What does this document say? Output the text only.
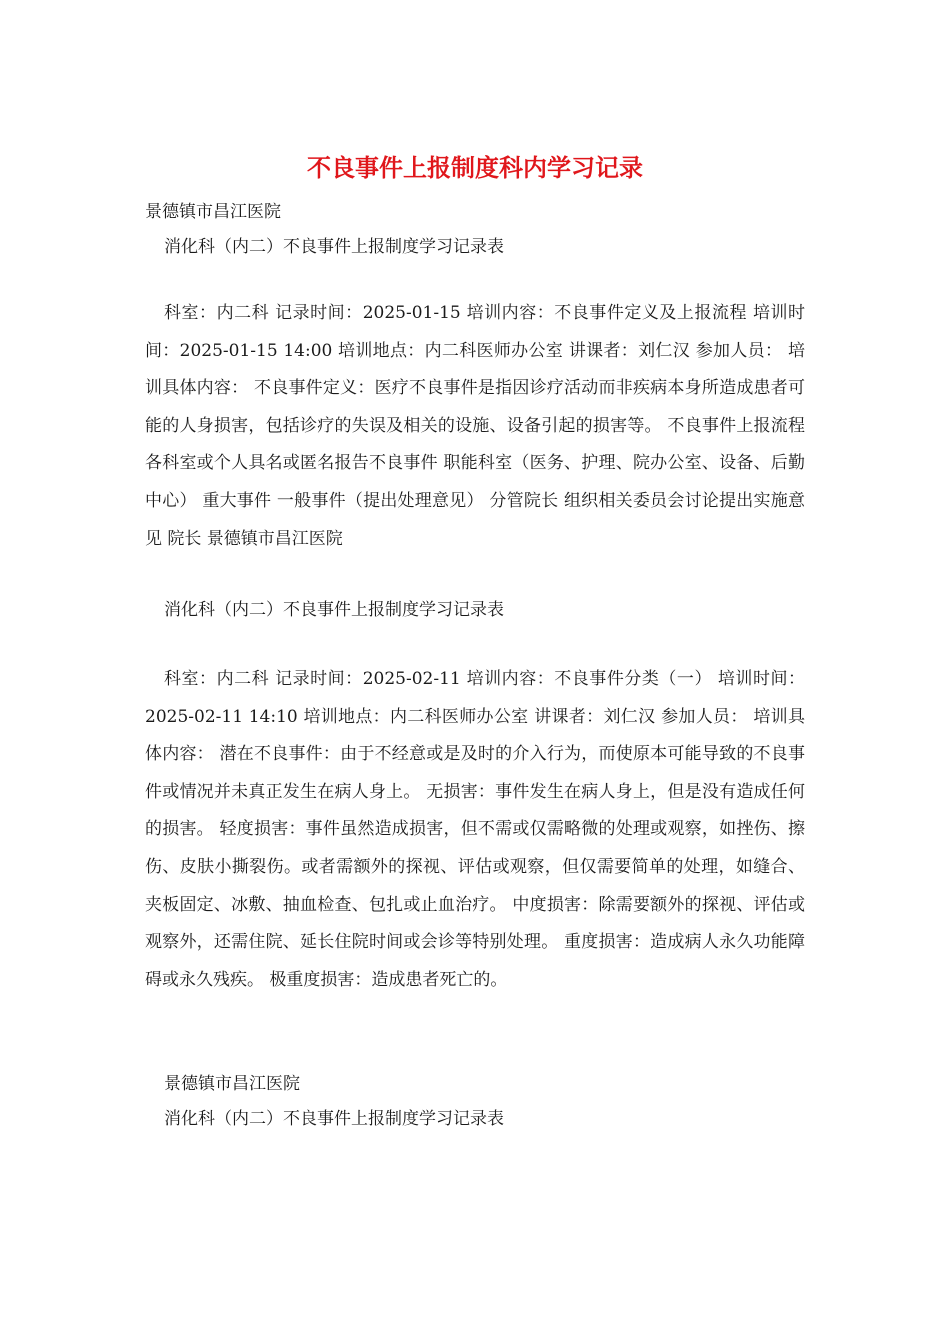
不良事件上报制度科内学习记录
景德镇市昌江医院
消化科（内二）不良事件上报制度学习记录表

科室：内二科 记录时间：2025-01-15 培训内容：不良事件定义及上报流程 培训时间：2025-01-15 14:00 培训地点：内二科医师办公室 讲课者：刘仁汉 参加人员： 培训具体内容： 不良事件定义：医疗不良事件是指因诊疗活动而非疾病本身所造成患者可能的人身损害，包括诊疗的失误及相关的设施、设备引起的损害等。 不良事件上报流程 各科室或个人具名或匿名报告不良事件 职能科室（医务、护理、院办公室、设备、后勤中心） 重大事件 一般事件（提出处理意见） 分管院长 组织相关委员会讨论提出实施意见 院长 景德镇市昌江医院

消化科（内二）不良事件上报制度学习记录表

科室：内二科 记录时间：2025-02-11 培训内容：不良事件分类（一） 培训时间：2025-02-11 14:10 培训地点：内二科医师办公室 讲课者：刘仁汉 参加人员： 培训具体内容： 潜在不良事件：由于不经意或是及时的介入行为，而使原本可能导致的不良事件或情况并未真正发生在病人身上。 无损害：事件发生在病人身上，但是没有造成任何的损害。 轻度损害：事件虽然造成损害，但不需或仅需略微的处理或观察，如挫伤、擦伤、皮肤小撕裂伤。或者需额外的探视、评估或观察，但仅需要简单的处理，如缝合、夹板固定、冰敷、抽血检查、包扎或止血治疗。 中度损害：除需要额外的探视、评估或观察外，还需住院、延长住院时间或会诊等特别处理。 重度损害：造成病人永久功能障碍或永久残疾。 极重度损害：造成患者死亡的。

景德镇市昌江医院
消化科（内二）不良事件上报制度学习记录表
